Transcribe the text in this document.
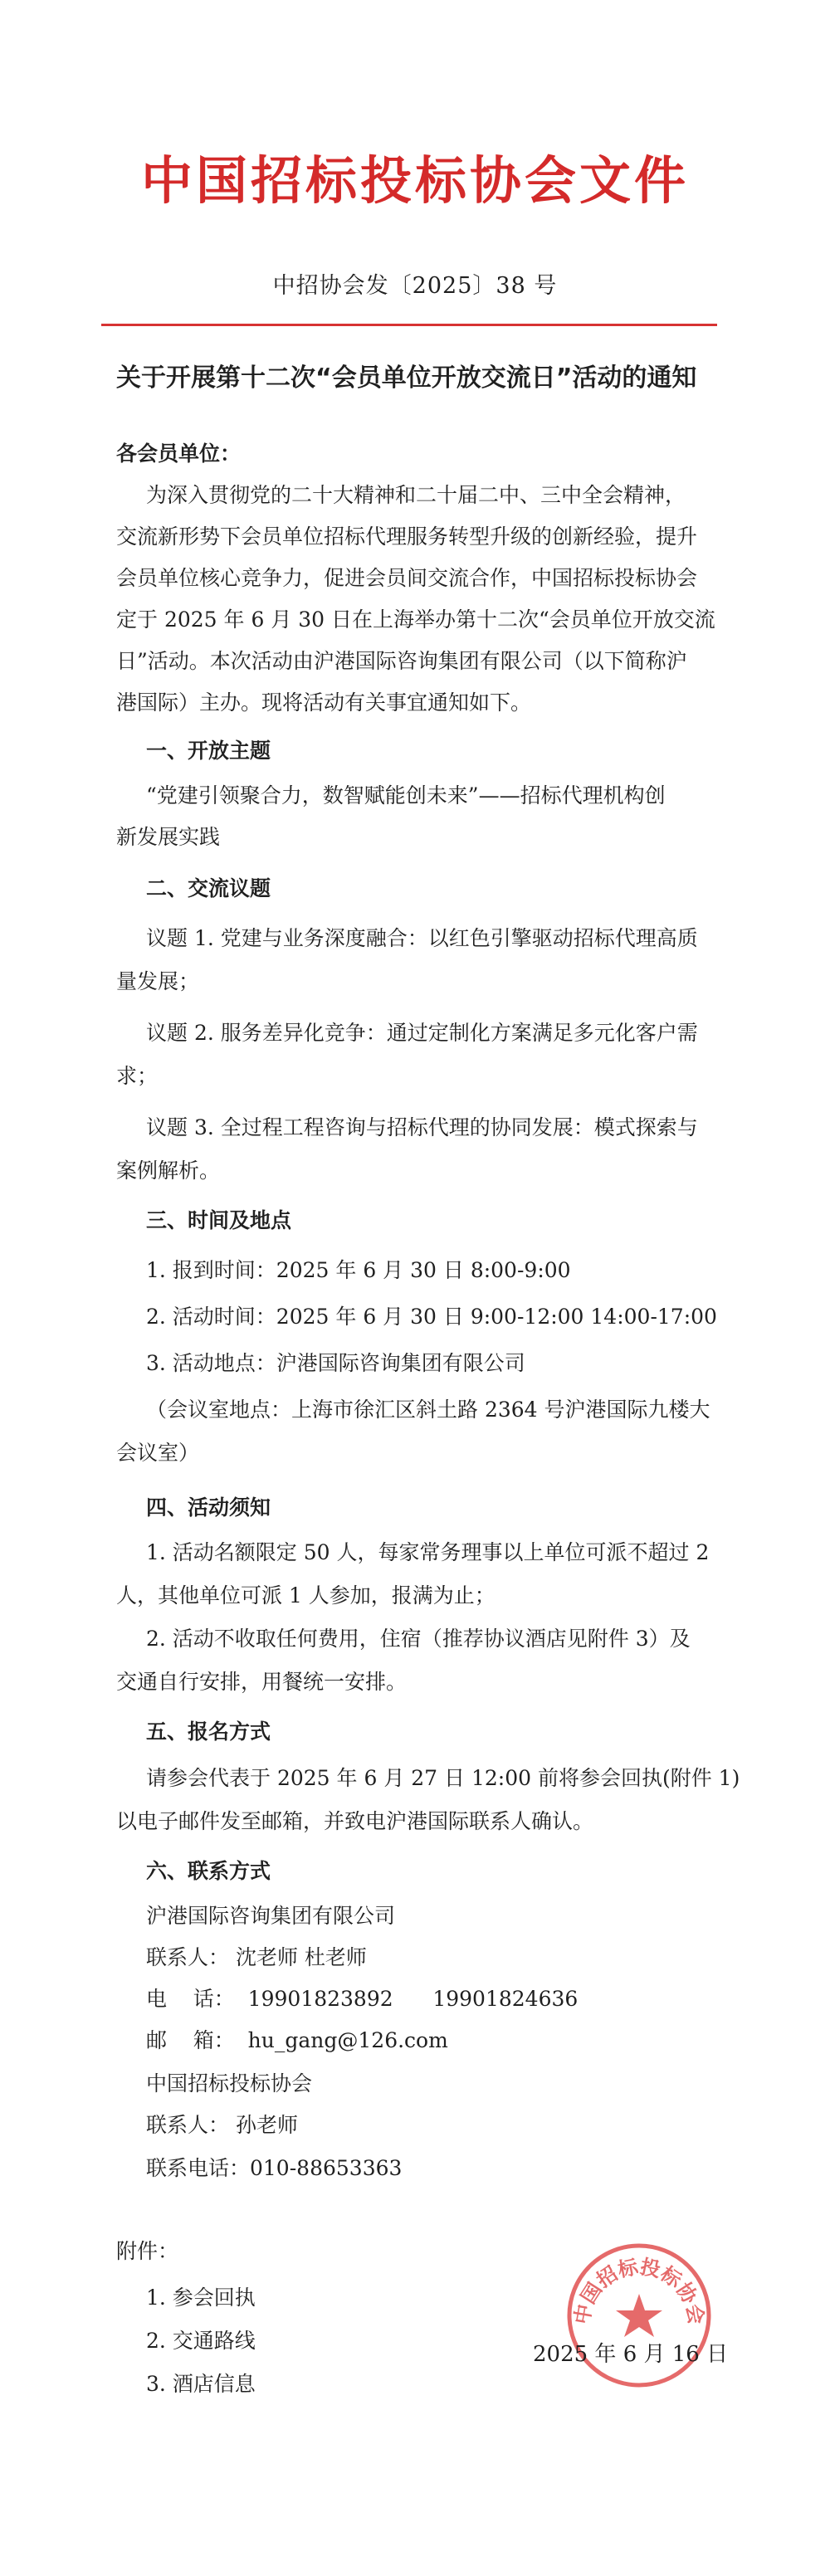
中国招标投标协会文件
中招协会发〔2025〕38 号
关于开展第十二次“会员单位开放交流日”活动的通知
各会员单位：
为深入贯彻党的二十大精神和二十届二中、三中全会精神，
交流新形势下会员单位招标代理服务转型升级的创新经验，提升
会员单位核心竞争力，促进会员间交流合作，中国招标投标协会
定于 2025 年 6 月 30 日在上海举办第十二次“会员单位开放交流
日”活动。本次活动由沪港国际咨询集团有限公司（以下简称沪
港国际）主办。现将活动有关事宜通知如下。
一、开放主题
“党建引领聚合力，数智赋能创未来”——招标代理机构创
新发展实践
二、交流议题
议题 1. 党建与业务深度融合：以红色引擎驱动招标代理高质
量发展；
议题 2. 服务差异化竞争：通过定制化方案满足多元化客户需
求；
议题 3. 全过程工程咨询与招标代理的协同发展：模式探索与
案例解析。
三、时间及地点
1. 报到时间：2025 年 6 月 30 日 8:00-9:00
2. 活动时间：2025 年 6 月 30 日 9:00-12:00 14:00-17:00
3. 活动地点：沪港国际咨询集团有限公司
（会议室地点：上海市徐汇区斜土路 2364 号沪港国际九楼大
会议室）
四、活动须知
1. 活动名额限定 50 人，每家常务理事以上单位可派不超过 2
人，其他单位可派 1 人参加，报满为止；
2. 活动不收取任何费用，住宿（推荐协议酒店见附件 3）及
交通自行安排，用餐统一安排。
五、报名方式
请参会代表于 2025 年 6 月 27 日 12:00 前将参会回执(附件 1)
以电子邮件发至邮箱，并致电沪港国际联系人确认。
六、联系方式
沪港国际咨询集团有限公司
联系人： 沈老师 杜老师
电    话：  19901823892      19901824636
邮    箱：  hu_gang@126.com
中国招标投标协会
联系人： 孙老师
联系电话：010-88653363
附件：
1. 参会回执
2. 交通路线
3. 酒店信息
中国招标投标协会
2025 年 6 月 16 日
